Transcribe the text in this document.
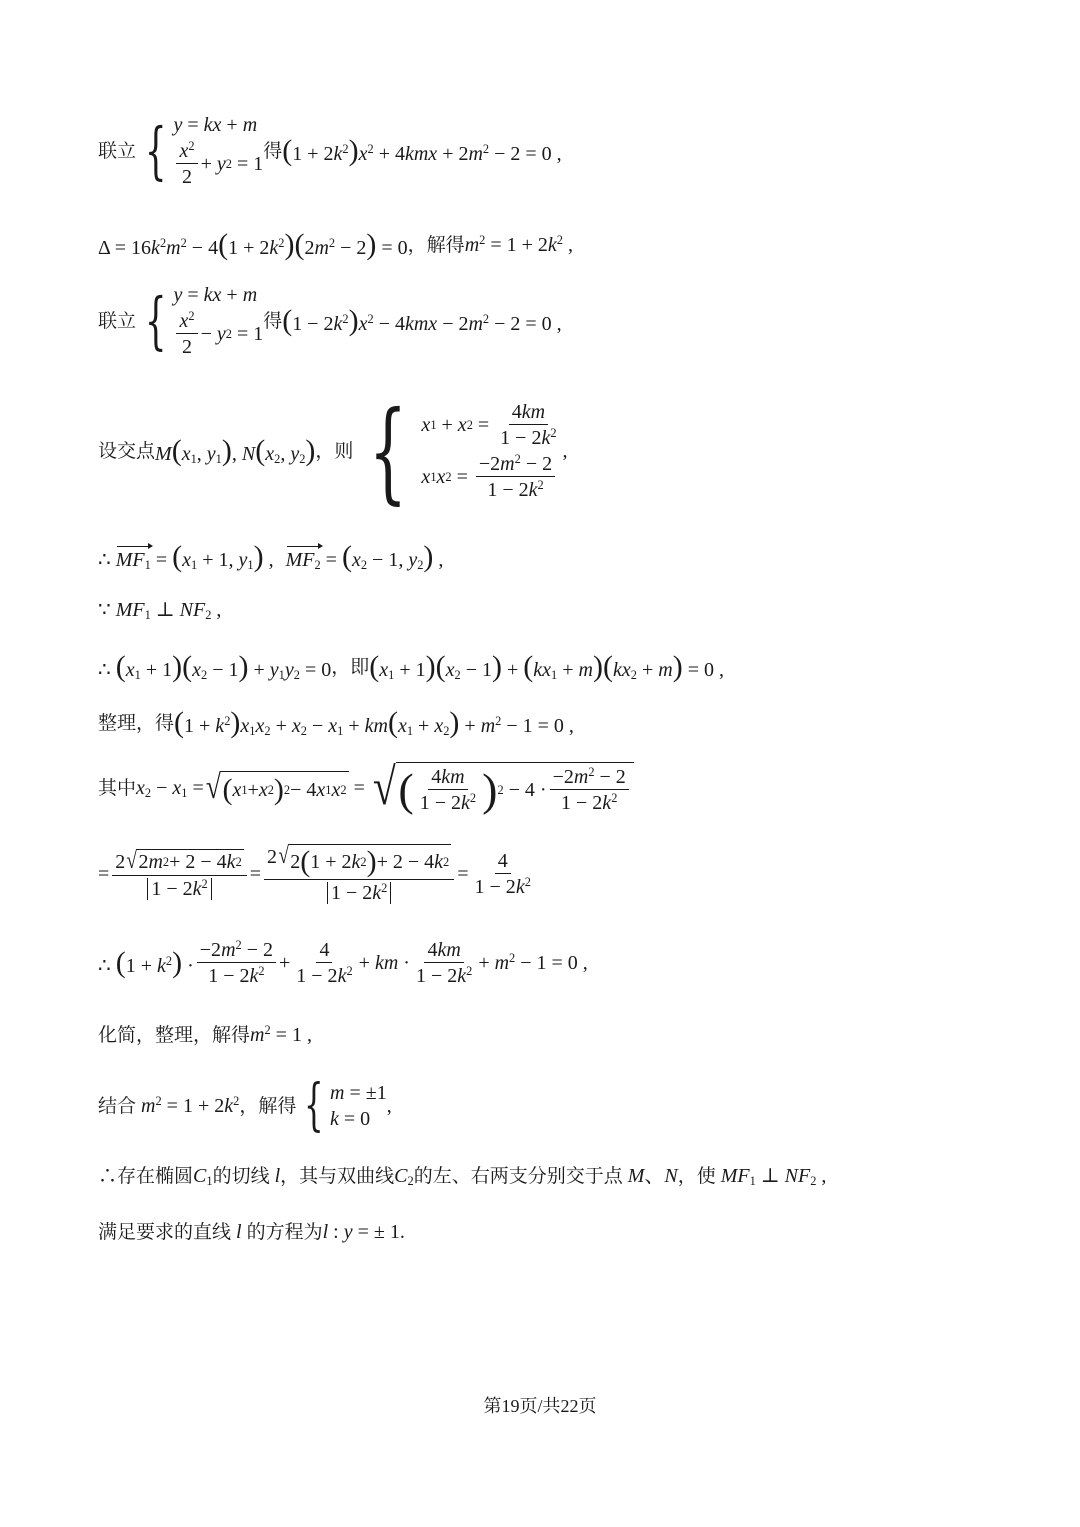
联立 { y = kx + m
$\frac{x^2}{2} + y$ 2 = 1
得 $(1 + 2k^2)x^2 + 4kmx + 2m^2 - 2 = 0$ ,
$\Delta = 16k^2m^2 - 4(1 + 2k^2)(2m^2 - 2) = 0$ ，解得 $m^2 = 1 + 2k^2$ ,
联立 { y = kx + m
$\frac{x^2}{2} - y$ 2 = 1
得 $(1 - 2k^2)x^2 - 4kmx - 2m^2 - 2 = 0$ ,
设交点 $M(x_1$, $y_1$), $N(x_2$, $y_2$) ，则 { x 1 + x $2 = \frac{4km}{1 - 2k^2}$
x 1 x $2 = \frac{-2m^2 - 2}{1 - 2k^2}$
,
∴ $MF_1 = (x_1 + 1$, $y_1$) , $MF_2 = (x_2 - 1$, $y_2$) ,
∵ $MF_1$ ⊥ $NF_2$ ,
∴ $(x_1 + 1)(x_2 - 1) + y_1y_2 = 0$ ，即 $(x_1 + 1)(x_2 - 1) + (kx_1 + m)(kx_2 + m) = 0$ ,
整理，得 $(1 + k^2)x_1x_2 + x_2 - x_1 + km(x_1 + x_2) + m^2 - 1 = 0$ ,
其中 $x_2 - x_1$ = √ ( x 1 + x 2 ) 2 − 4 x 1 x 2 = √ ( $\frac{4km}{1 - 2k^2}$ ) $2 - 4 \cdot \frac{-2m^2 - 2}{1 - 2k^2}$
= $\frac{2 √ 2 m 2 + 2 - 4 k 2}{1 - 2k^2} = \frac{2 √ 2 ( 1 + 2 k 2 ) + 2 - 4 k 2}{1 - 2k^2} = \frac{4}{1 - 2k^2}$
∴ $(1 + k^2) \cdot \frac{-2m^2 - 2}{1 - 2k^2} + \frac{4}{1 - 2k^2}$ + km · $\frac{4km}{1 - 2k^2} + m^2 - 1 = 0$ ,
化简，整理，解得 $m^2 = 1$ ,
结合 $m^2 = 1 + 2k^2$ ，解得 { m = ±1
k = 0
,
∴存在椭圆 $C_1$ 的切线 l ，其与双曲线 $C_2$ 的左、右两支分别交于点 M、N ，使 $MF_1$ ⊥ $NF_2$ ,
满足要求的直线 l 的方程为 l : y = ± 1.
第19页/共22页
